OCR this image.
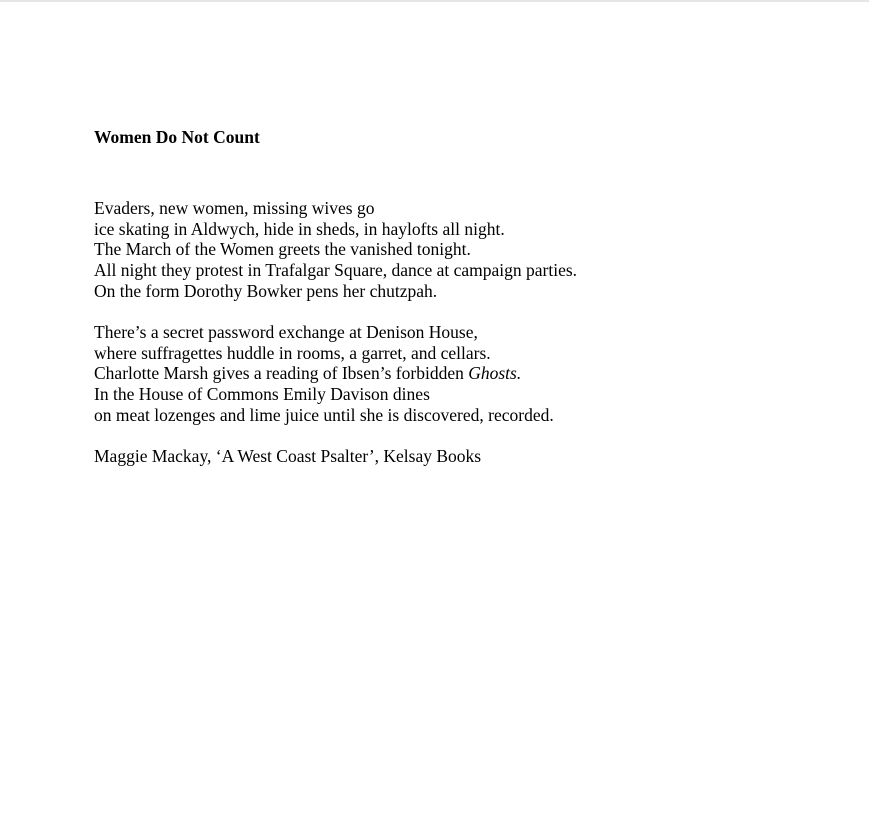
Women Do Not Count

Evaders, new women, missing wives go

ice skating in Aldwych, hide in sheds, in haylofts all night.

The March of the Women greets the vanished tonight.

All night they protest in Trafalgar Square, dance at campaign parties.

On the form Dorothy Bowker pens her chutzpah.

There’s a secret password exchange at Denison House,

where suffragettes huddle in rooms, a garret, and cellars.

Charlotte Marsh gives a reading of Ibsen’s forbidden Ghosts.

In the House of Commons Emily Davison dines

on meat lozenges and lime juice until she is discovered, recorded.

Maggie Mackay, ‘A West Coast Psalter’, Kelsay Books
